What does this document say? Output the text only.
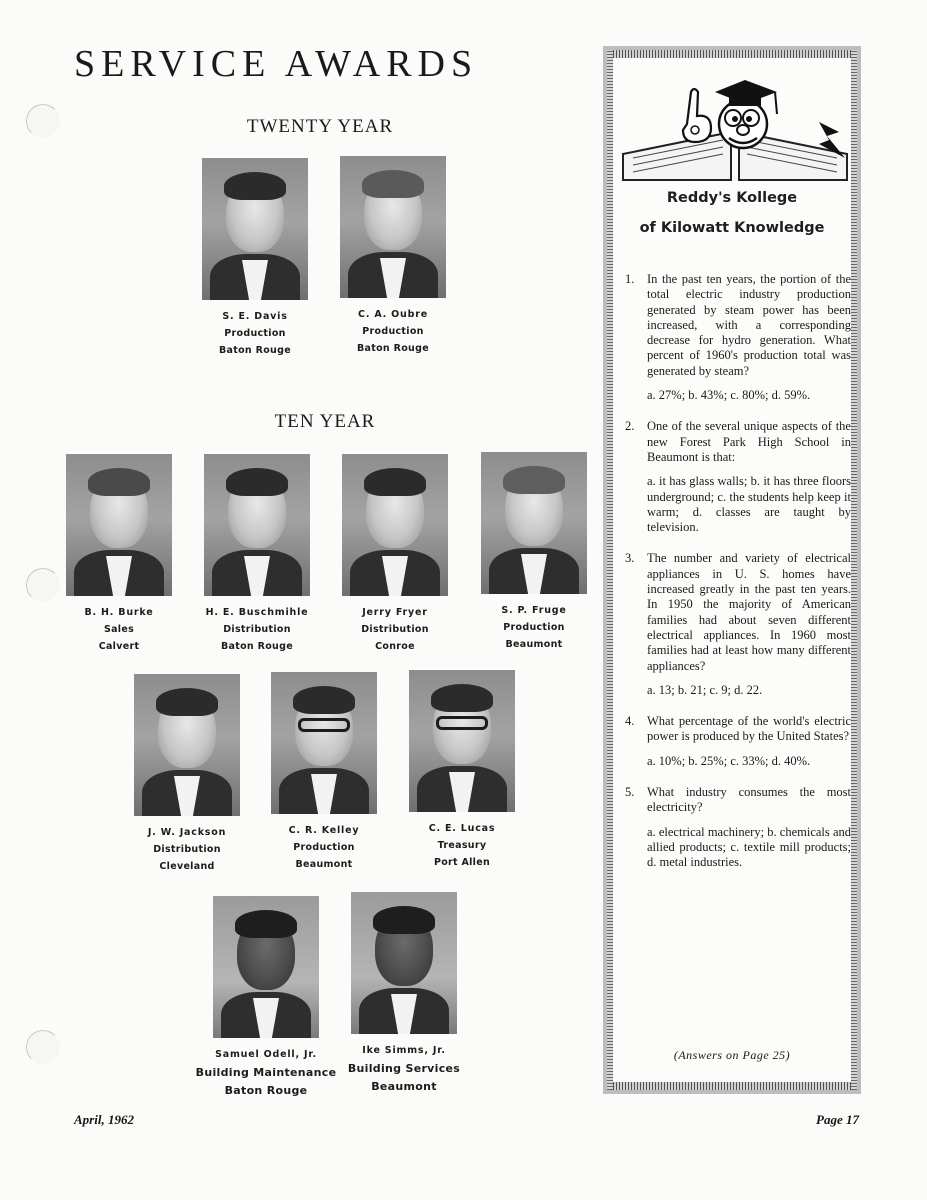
SERVICE AWARDS
TWENTY YEAR
S. E. Davis
Production
Baton Rouge
C. A. Oubre
Production
Baton Rouge
TEN YEAR
B. H. Burke
Sales
Calvert
H. E. Buschmihle
Distribution
Baton Rouge
Jerry Fryer
Distribution
Conroe
S. P. Fruge
Production
Beaumont
J. W. Jackson
Distribution
Cleveland
C. R. Kelley
Production
Beaumont
C. E. Lucas
Treasury
Port Allen
Samuel Odell, Jr.
Building Maintenance
Baton Rouge
Ike Simms, Jr.
Building Services
Beaumont
Reddy's Kollege
of Kilowatt Knowledge
1. In the past ten years, the portion of the total electric industry production generated by steam power has been increased, with a corresponding decrease for hydro generation. What percent of 1960's production total was generated by steam?
a. 27%; b. 43%; c. 80%; d. 59%.
2. One of the several unique aspects of the new Forest Park High School in Beaumont is that:
a. it has glass walls; b. it has three floors underground; c. the students help keep it warm; d. classes are taught by television.
3. The number and variety of electrical appliances in U. S. homes have increased greatly in the past ten years. In 1950 the majority of American families had about seven different electrical appliances. In 1960 most families had at least how many different appliances?
a. 13; b. 21; c. 9; d. 22.
4. What percentage of the world's electric power is produced by the United States?
a. 10%; b. 25%; c. 33%; d. 40%.
5. What industry consumes the most electricity?
a. electrical machinery; b. chemicals and allied products; c. textile mill products; d. metal industries.
(Answers on Page 25)
April, 1962	Page 17
